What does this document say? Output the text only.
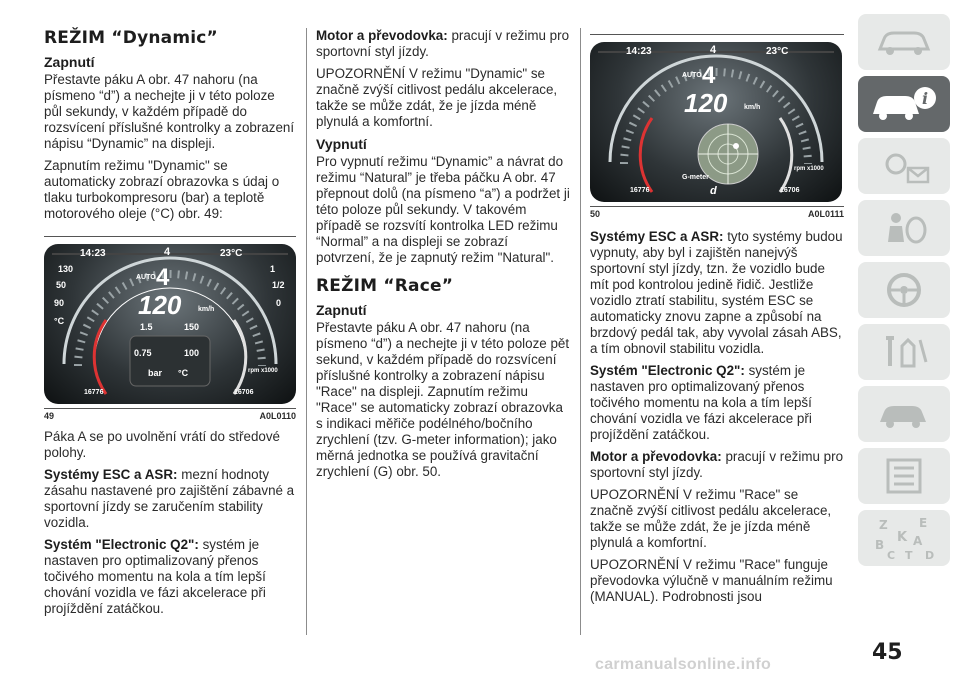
REŽIM “Dynamic”
Zapnutí

Přestavte páku A obr. 47 nahoru (na písmeno “d”) a nechejte ji v této poloze půl sekundy, v každém případě do rozsvícení příslušné kontrolky a zobrazení nápisu “Dynamic” na displeji.

Zapnutím režimu "Dynamic" se automaticky zobrazí obrazovka s údaj o tlaku turbokompresoru (bar) a teplotě motorového oleje (°C) obr. 49:

14:23	4	23°C
130
50
90
°C
1
1/2
0
AUTO 4
120 km/h
1.5	150
0.75	100
bar °C	rpm x1000
16776	16706
49	A0L0110

Páka A se po uvolnění vrátí do středové polohy.

Systémy ESC a ASR: mezní hodnoty zásahu nastavené pro zajištění zábavné a sportovní jízdy se zaručením stability vozidla.

Systém "Electronic Q2": systém je nastaven pro optimalizovaný přenos točivého momentu na kola a tím lepší chování vozidla ve fázi akcelerace při projíždění zatáčkou.

Motor a převodovka: pracují v režimu pro sportovní styl jízdy.

UPOZORNĚNÍ V režimu "Dynamic" se značně zvýší citlivost pedálu akcelerace, takže se může zdát, že je jízda méně plynulá a komfortní.

Vypnutí

Pro vypnutí režimu “Dynamic” a návrat do režimu “Natural” je třeba páčku A obr. 47 přepnout dolů (na písmeno “a”) a podržet ji této poloze půl sekundy. V takovém případě se rozsvítí kontrolka LED režimu “Normal” a na displeji se zobrazí potvrzení, že je zapnutý režim "Natural".

REŽIM “Race”
Zapnutí

Přestavte páku A obr. 47 nahoru (na písmeno “d”) a nechejte ji v této poloze pět sekund, v každém případě do rozsvícení příslušné kontrolky a zobrazení nápisu "Race" na displeji. Zapnutím režimu "Race" se automaticky zobrazí obrazovka s indikaci měřiče podélného/bočního zrychlení (tzv. G-meter information); jako měrná jednotka se používá gravitační zrychlení (G) obr. 50.

14:23	4	23°C
AUTO 4
120 km/h
G-meter
rpm x1000
16776	d	16706
50	A0L0111

Systémy ESC a ASR: tyto systémy budou vypnuty, aby byl i zajištěn nanejvýš sportovní styl jízdy, tzn. že vozidlo bude mít pod kontrolou jedině řidič. Jestliže vozidlo ztratí stabilitu, systém ESC se automaticky znovu zapne a způsobí na brzdový pedál tak, aby vyvolal zásah ABS, a tím obnovil stabilitu vozidla.

Systém "Electronic Q2": systém je nastaven pro optimalizovaný přenos točivého momentu na kola a tím lepší chování vozidla ve fázi akcelerace při projíždění zatáčkou.

Motor a převodovka: pracují v režimu pro sportovní styl jízdy.

UPOZORNĚNÍ V režimu "Race" se značně zvýší citlivost pedálu akcelerace, takže se může zdát, že je jízda méně plynulá a komfortní.

UPOZORNĚNÍ V režimu "Race" funguje převodovka výlučně v manuálním režimu (MANUAL). Podrobnosti jsou

i
Z	E
B K A
C T D
45
carmanualsonline.info
